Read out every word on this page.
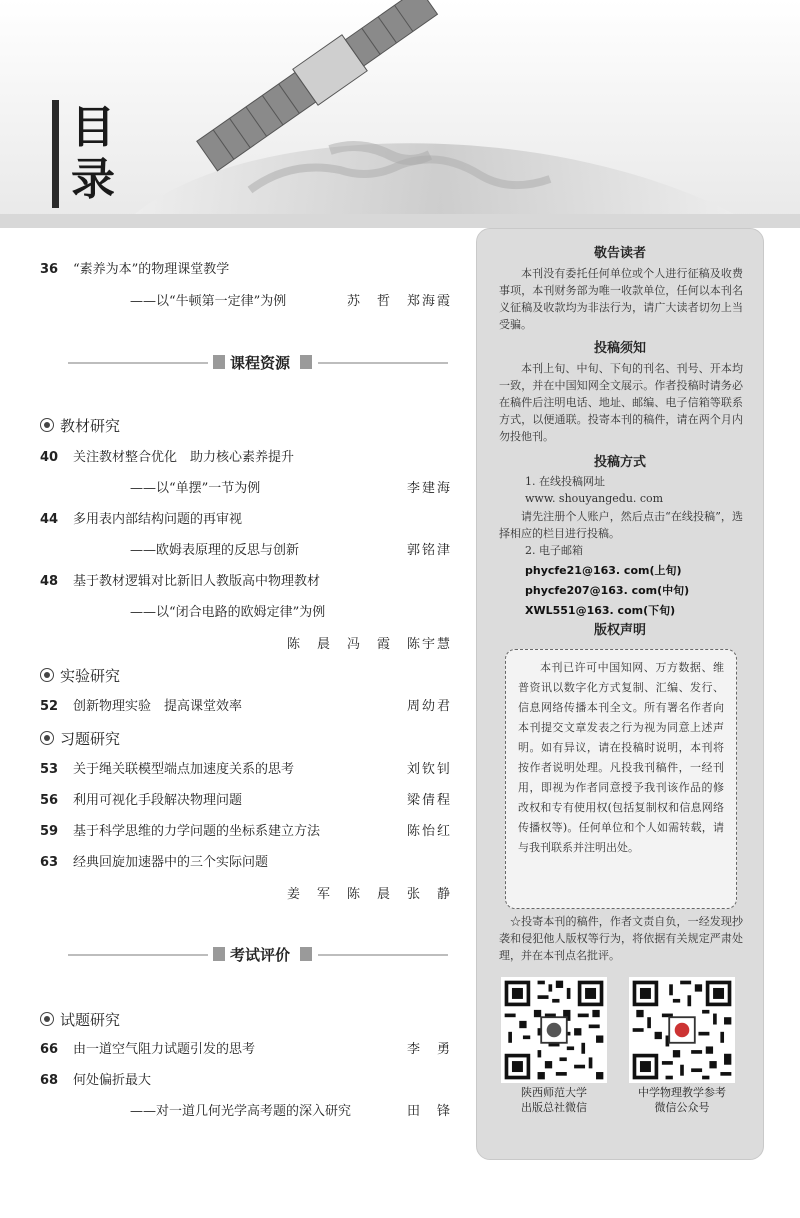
目
录
36 “素养为本”的物理课堂教学
——以“牛顿第一定律”为例	苏　哲　郑海霞
课程资源
教材研究
40 关注教材整合优化　助力核心素养提升
——以“单摆”一节为例	李建海
44 多用表内部结构问题的再审视
——欧姆表原理的反思与创新	郭铭津
48 基于教材逻辑对比新旧人教版高中物理教材
——以“闭合电路的欧姆定律”为例
陈　晨　冯　霞　陈宇慧
实验研究
52 创新物理实验　提高课堂效率	周幼君
习题研究
53 关于绳关联模型端点加速度关系的思考	刘钦钊
56 利用可视化手段解决物理问题	梁倩程
59 基于科学思维的力学问题的坐标系建立方法	陈怡红
63 经典回旋加速器中的三个实际问题
姜　军　陈　晨　张　静
考试评价
试题研究
66 由一道空气阻力试题引发的思考	李　勇
68 何处偏折最大
——对一道几何光学高考题的深入研究	田　锋
敬告读者
本刊没有委托任何单位或个人进行征稿及收费事项，本刊财务部为唯一收款单位，任何以本刊名义征稿及收款均为非法行为，请广大读者切勿上当受骗。
投稿须知
本刊上旬、中旬、下旬的刊名、刊号、开本均一致，并在中国知网全文展示。作者投稿时请务必在稿件后注明电话、地址、邮编、电子信箱等联系方式，以便通联。投寄本刊的稿件，请在两个月内勿投他刊。
投稿方式
1. 在线投稿网址
www. shouyangedu. com
请先注册个人账户，然后点击“在线投稿”，选择相应的栏目进行投稿。
2. 电子邮箱
phycfe21@163. com(上旬)
phycfe207@163. com(中旬)
XWL551@163. com(下旬)
版权声明
本刊已许可中国知网、万方数据、维普资讯以数字化方式复制、汇编、发行、信息网络传播本刊全文。所有署名作者向本刊提交文章发表之行为视为同意上述声明。如有异议，请在投稿时说明，本刊将按作者说明处理。凡投我刊稿件，一经刊用，即视为作者同意授予我刊该作品的修改权和专有使用权(包括复制权和信息网络传播权等)。任何单位和个人如需转载，请与我刊联系并注明出处。
☆投寄本刊的稿件，作者文责自负，一经发现抄袭和侵犯他人版权等行为，将依据有关规定严肃处理，并在本刊点名批评。
陕西师范大学
出版总社微信
中学物理教学参考
微信公众号
